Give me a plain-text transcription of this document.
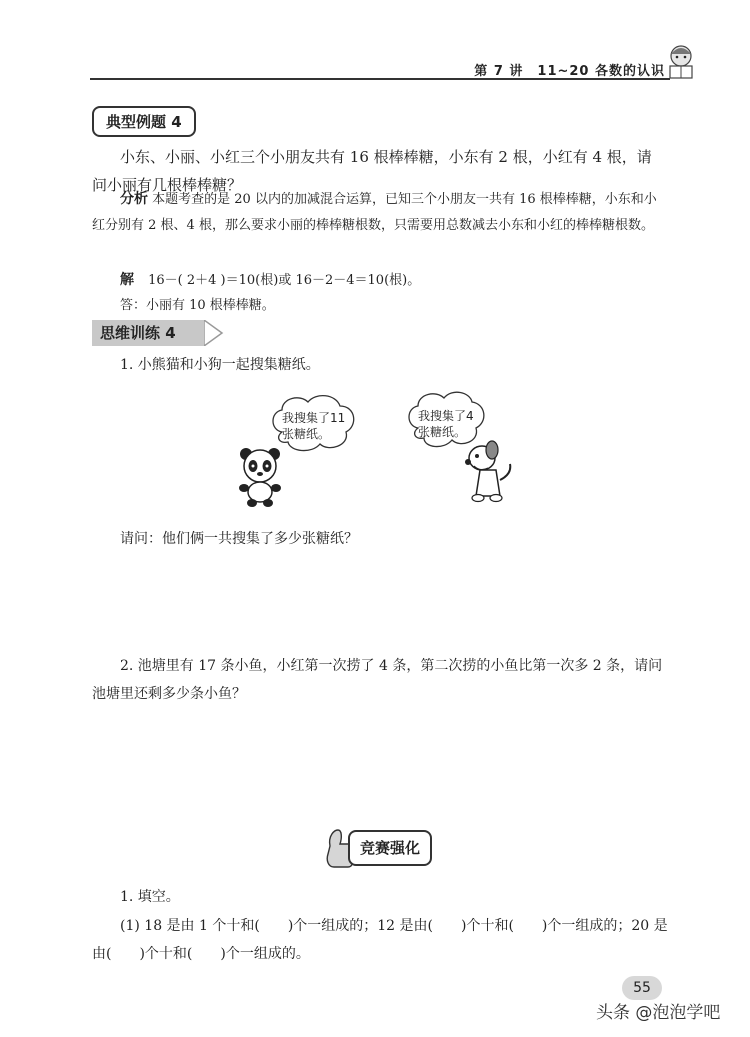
第 7 讲　11~20 各数的认识
典型例题 4
小东、小丽、小红三个小朋友共有 16 根棒棒糖，小东有 2 根，小红有 4 根，请问小丽有几根棒棒糖？
分析 本题考查的是 20 以内的加减混合运算，已知三个小朋友一共有 16 根棒棒糖，小东和小红分别有 2 根、4 根，那么要求小丽的棒棒糖根数，只需要用总数减去小东和小红的棒棒糖根数。
解 16－( 2＋4 )＝10(根)或 16－2－4＝10(根)。
答：小丽有 10 根棒棒糖。
思维训练 4
1. 小熊猫和小狗一起搜集糖纸。
我搜集了11
张糖纸。
我搜集了4
张糖纸。
请问：他们俩一共搜集了多少张糖纸？
2. 池塘里有 17 条小鱼，小红第一次捞了 4 条，第二次捞的小鱼比第一次多 2 条，请问池塘里还剩多少条小鱼？
竞赛强化
1. 填空。
(1) 18 是由 1 个十和(　　)个一组成的；12 是由(　　)个十和(　　)个一组成的；20 是由(　　)个十和(　　)个一组成的。
55
头条 @泡泡学吧
